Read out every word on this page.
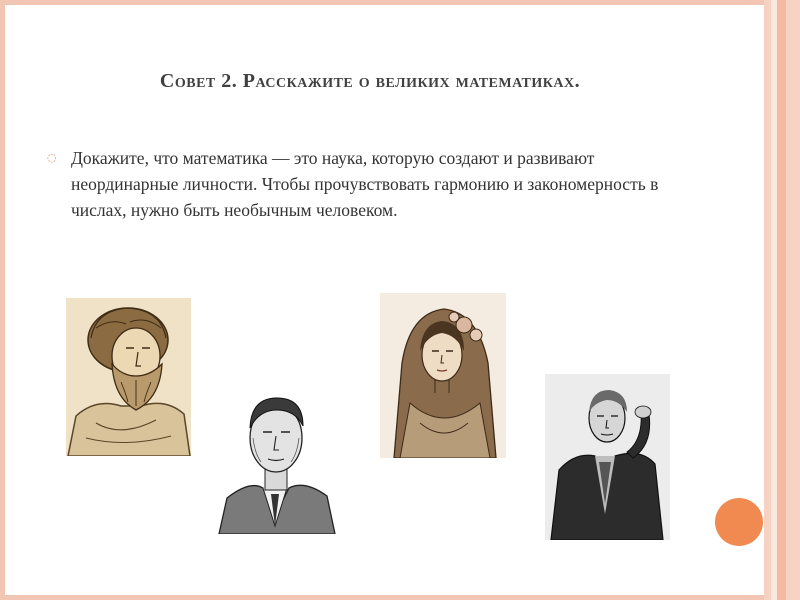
Совет 2. Расскажите о великих математиках.
◌ Докажите, что математика — это наука, которую создают и развивают неординарные личности. Чтобы прочувствовать гармонию и закономерность в числах, нужно быть необычным человеком.
